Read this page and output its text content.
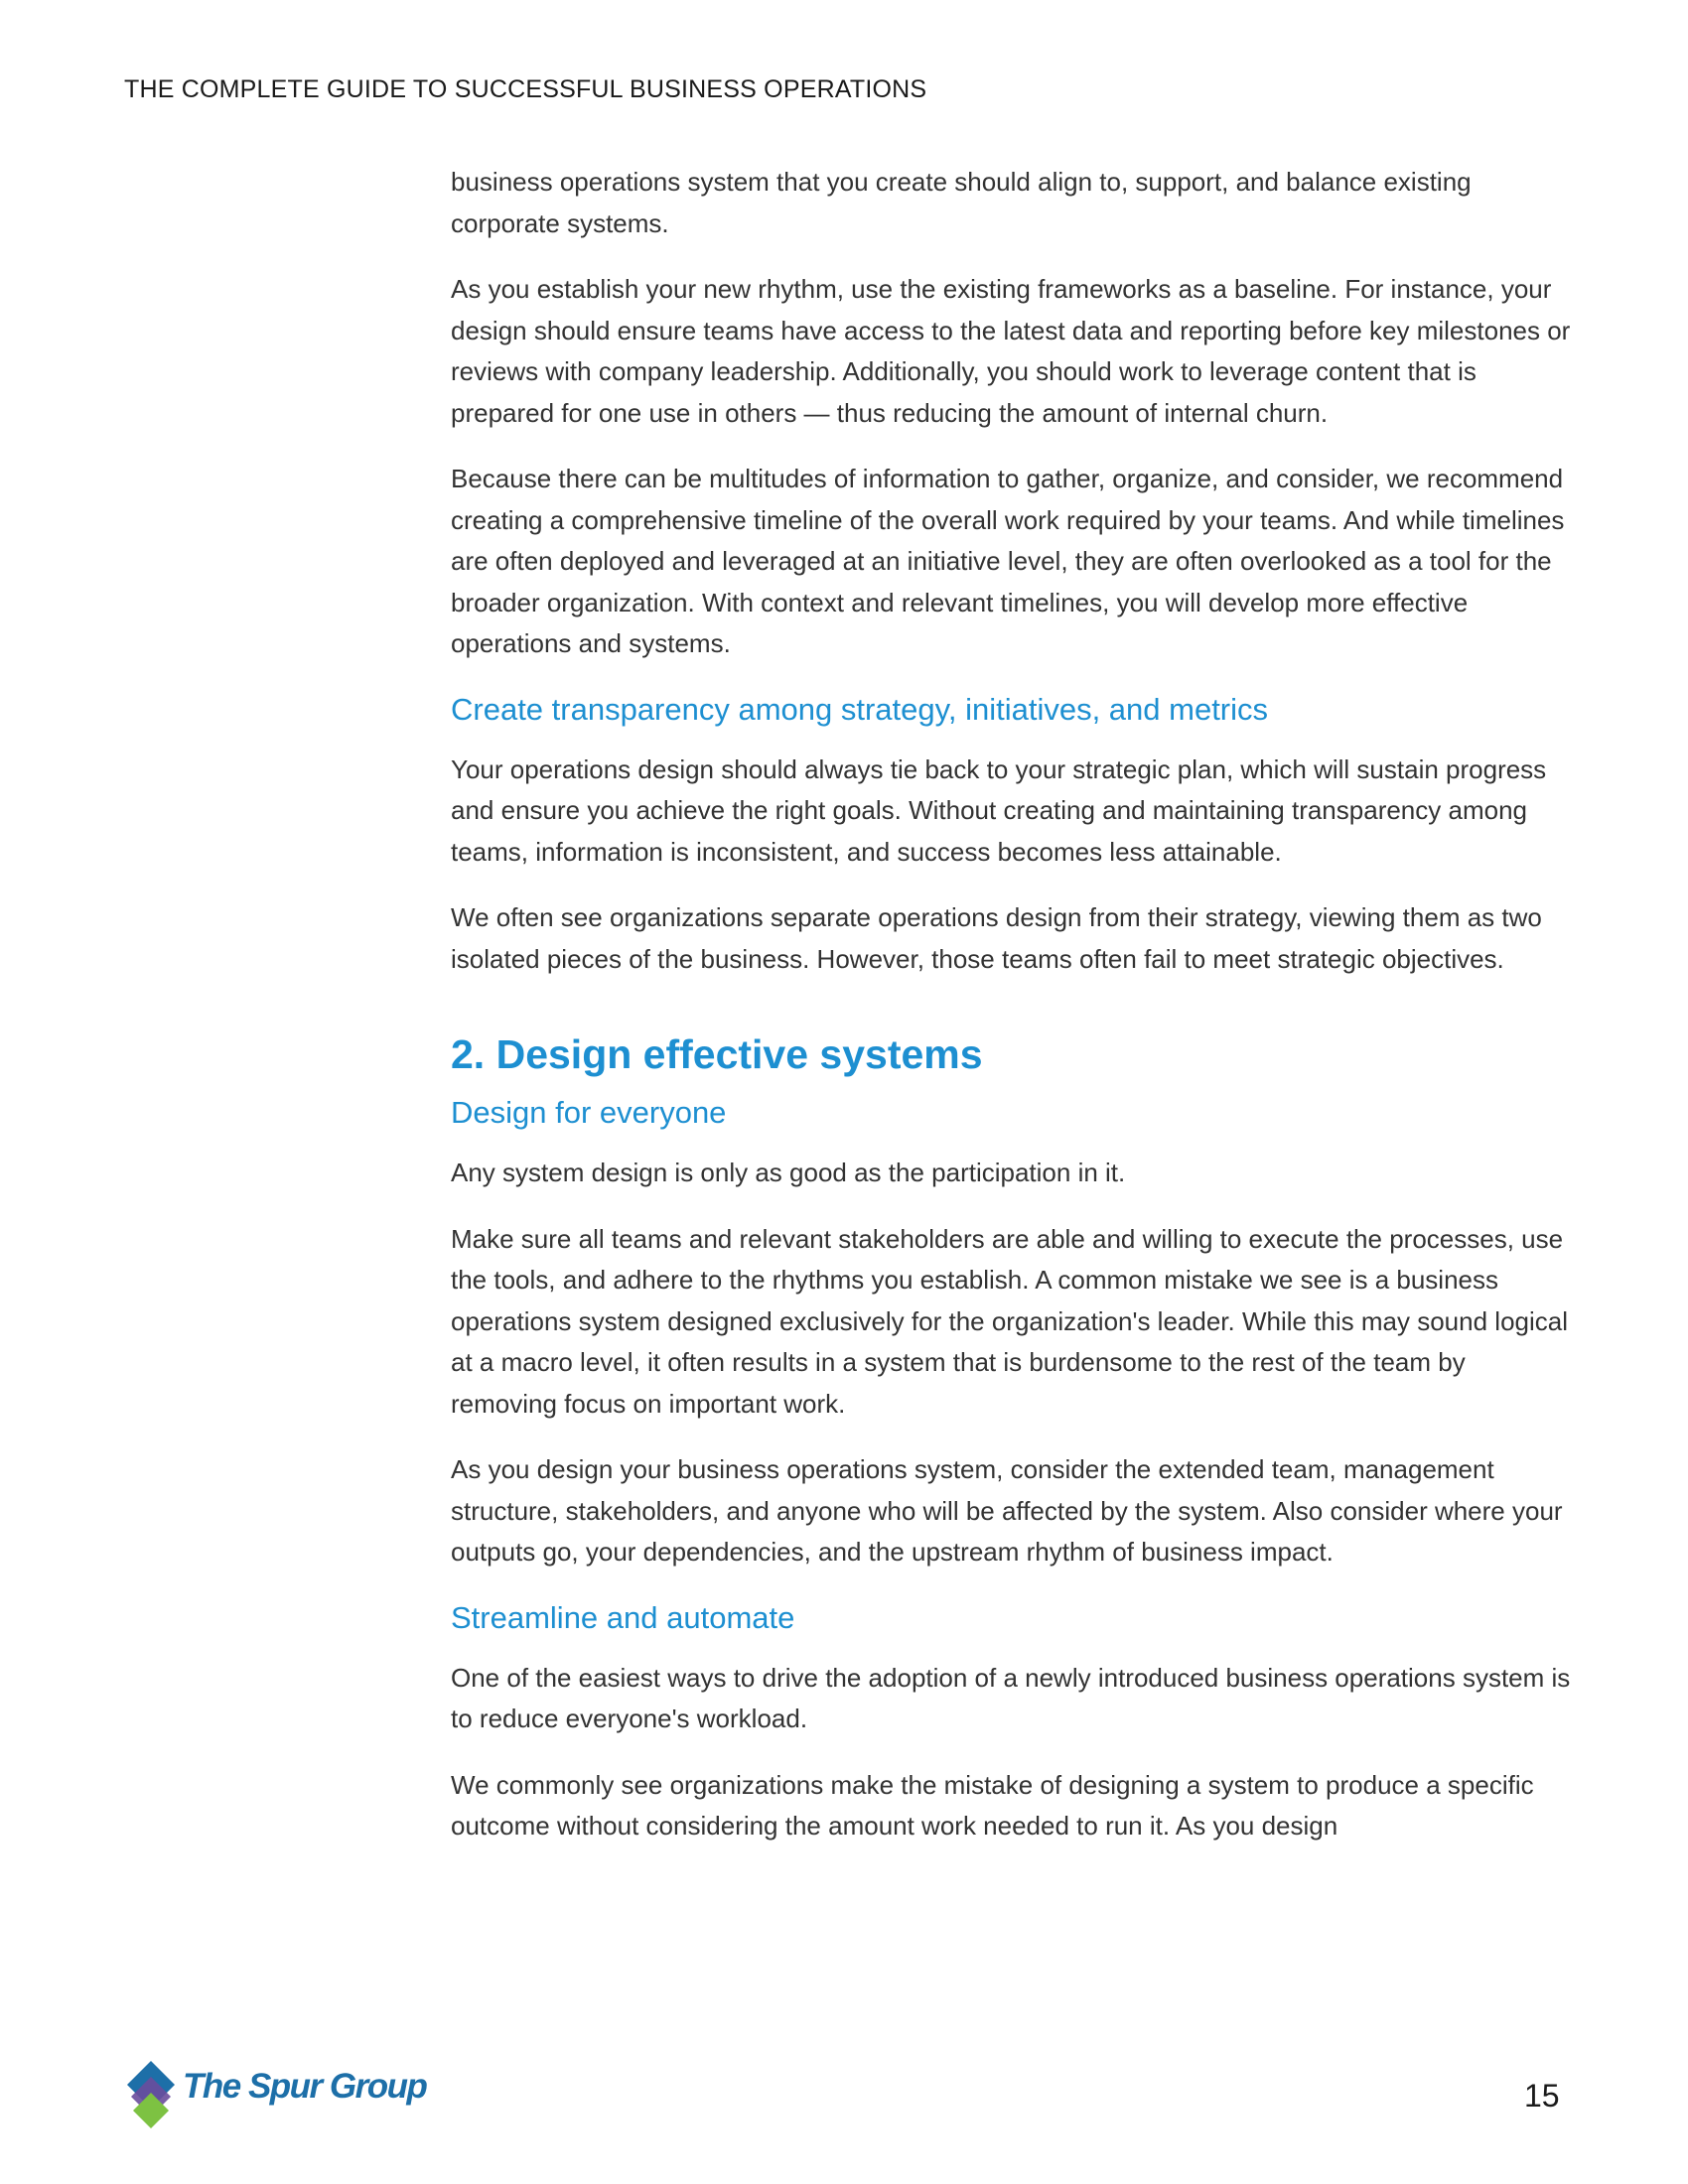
THE COMPLETE GUIDE TO SUCCESSFUL BUSINESS OPERATIONS

business operations system that you create should align to, support, and balance existing corporate systems.

As you establish your new rhythm, use the existing frameworks as a baseline. For instance, your design should ensure teams have access to the latest data and reporting before key milestones or reviews with company leadership. Additionally, you should work to leverage content that is prepared for one use in others — thus reducing the amount of internal churn.

Because there can be multitudes of information to gather, organize, and consider, we recommend creating a comprehensive timeline of the overall work required by your teams. And while timelines are often deployed and leveraged at an initiative level, they are often overlooked as a tool for the broader organization. With context and relevant timelines, you will develop more effective operations and systems.

Create transparency among strategy, initiatives, and metrics

Your operations design should always tie back to your strategic plan, which will sustain progress and ensure you achieve the right goals. Without creating and maintaining transparency among teams, information is inconsistent, and success becomes less attainable.

We often see organizations separate operations design from their strategy, viewing them as two isolated pieces of the business. However, those teams often fail to meet strategic objectives.

2. Design effective systems
Design for everyone

Any system design is only as good as the participation in it.

Make sure all teams and relevant stakeholders are able and willing to execute the processes, use the tools, and adhere to the rhythms you establish. A common mistake we see is a business operations system designed exclusively for the organization's leader. While this may sound logical at a macro level, it often results in a system that is burdensome to the rest of the team by removing focus on important work.

As you design your business operations system, consider the extended team, management structure, stakeholders, and anyone who will be affected by the system. Also consider where your outputs go, your dependencies, and the upstream rhythm of business impact.

Streamline and automate

One of the easiest ways to drive the adoption of a newly introduced business operations system is to reduce everyone's workload.

We commonly see organizations make the mistake of designing a system to produce a specific outcome without considering the amount work needed to run it. As you design

The Spur Group	15
